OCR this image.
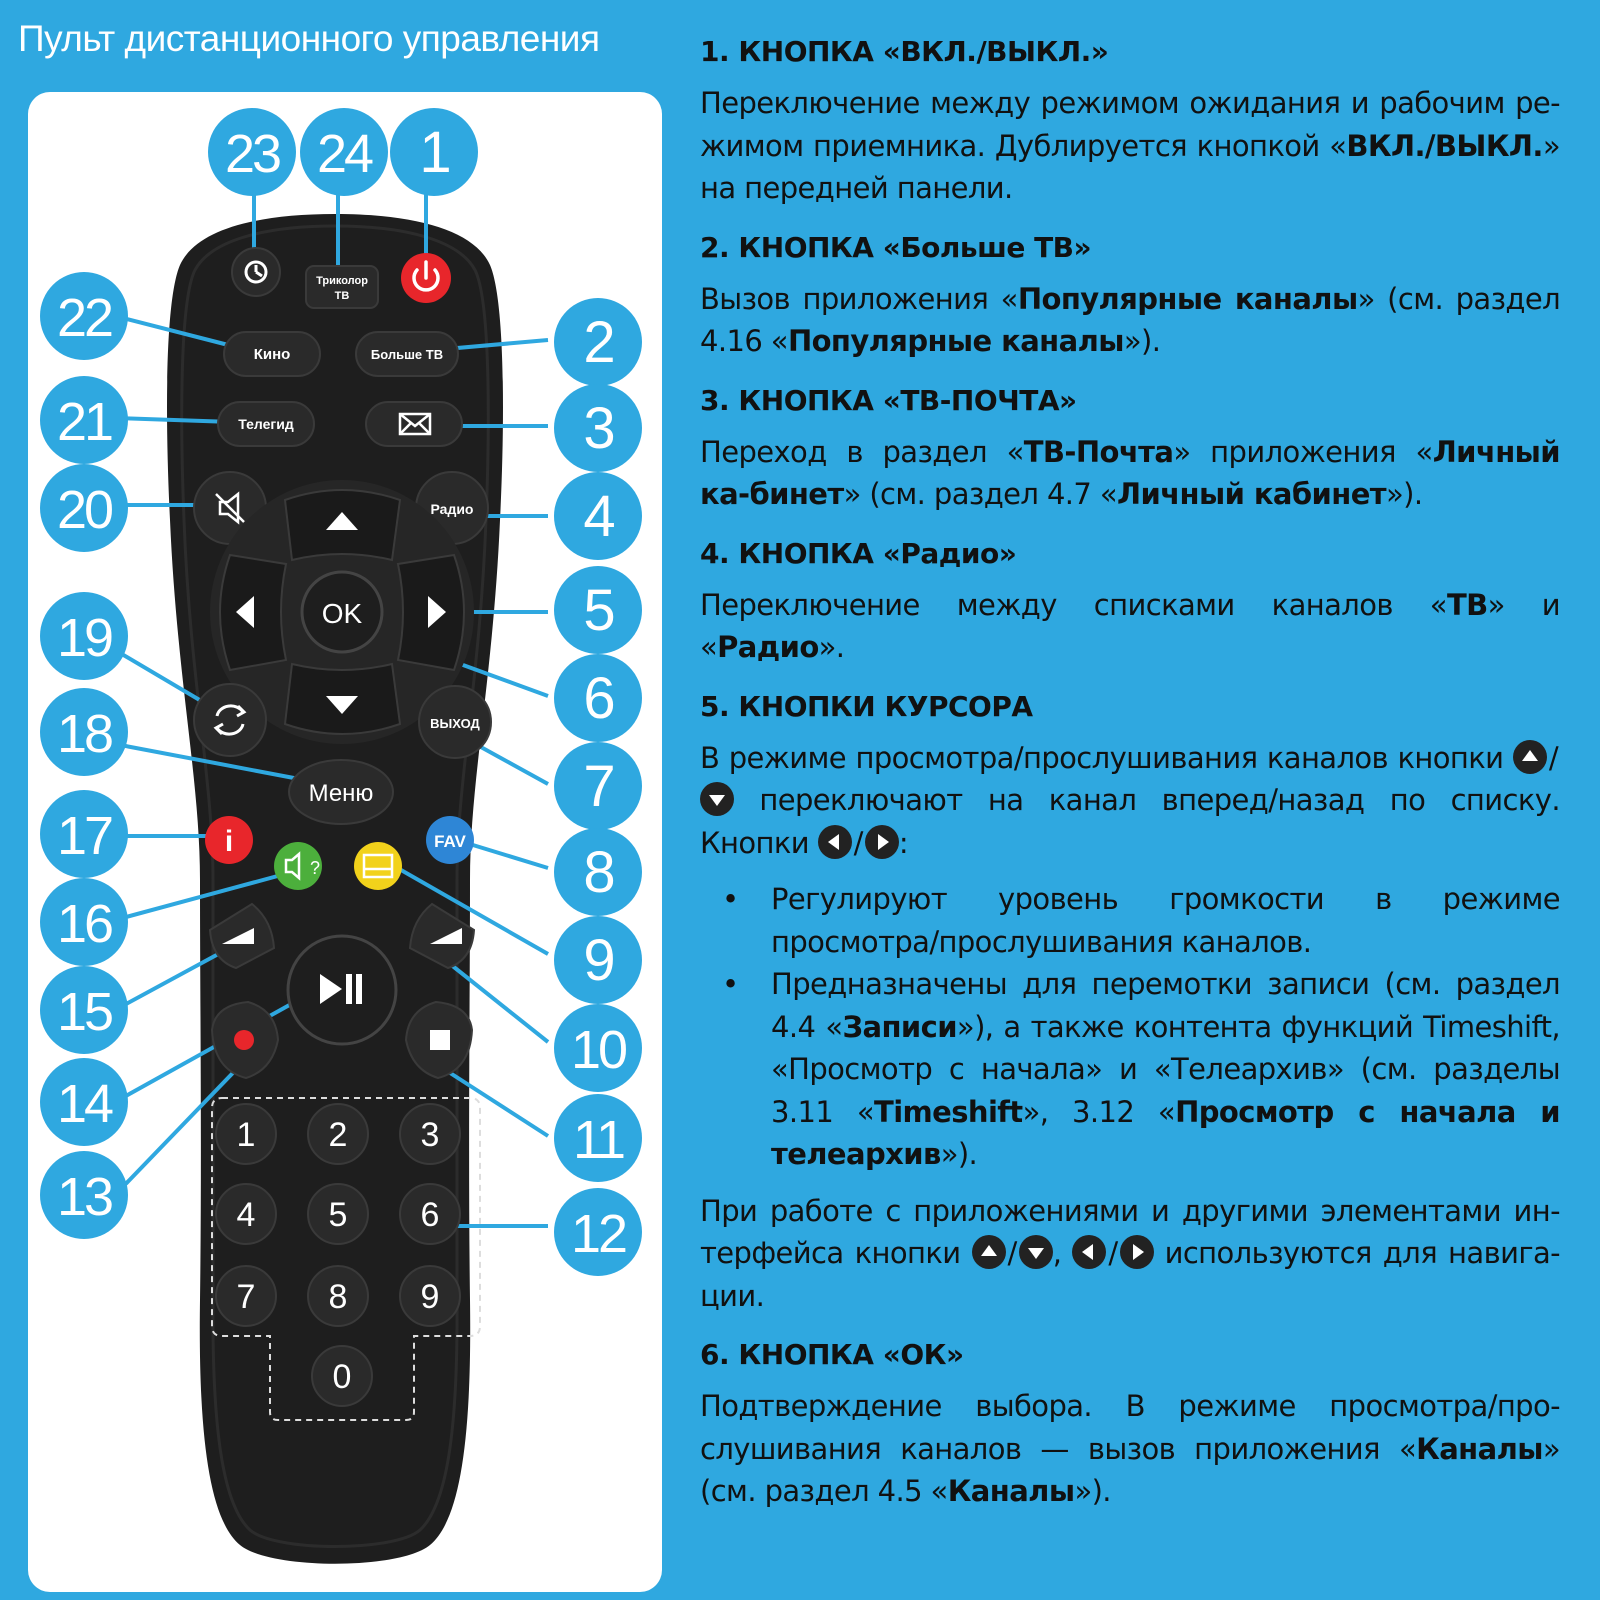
Пульт дистанционного управления
Триколор
ТВ
Кино	Больше ТВ
Телегид
Радио
OK
ВЫХОД
Меню
i
?
FAV
1 2 3
4 5 6
7 8 9
0
1
2
3
4
5
6
7
8
9
10
11
12
13
14
15
16
17
18
19
20
21
22
23 24

1. КНОПКА «ВКЛ./ВЫКЛ.»

Переключение между режимом ожидания и рабочим ре-жимом приемника. Дублируется кнопкой «ВКЛ./ВЫКЛ.» на передней панели.

2. КНОПКА «Больше ТВ»

Вызов приложения «Популярные каналы» (см. раздел 4.16 «Популярные каналы»).

3. КНОПКА «ТВ-ПОЧТА»

Переход в раздел «ТВ-Почта» приложения «Личный ка-бинет» (см. раздел 4.7 «Личный кабинет»).

4. КНОПКА «Радио»

Переключение между списками каналов «ТВ» и «Радио».

5. КНОПКИ КУРСОРА

В режиме просмотра/прослушивания каналов кнопки / переключают на канал вперед/назад по списку. Кнопки / :

• Регулируют уровень громкости в режиме просмотра/прослушивания каналов.
• Предназначены для перемотки записи (см. раздел 4.4 «Записи»), а также контента функций Timeshift, «Просмотр с начала» и «Телеархив» (см. разделы 3.11 «Timeshift», 3.12 «Просмотр с начала и телеархив»).

При работе с приложениями и другими элементами ин-терфейса кнопки / , / используются для навига-ции.

6. КНОПКА «ОК»

Подтверждение выбора. В режиме просмотра/про-слушивания каналов — вызов приложения «Каналы» (см. раздел 4.5 «Каналы»).
